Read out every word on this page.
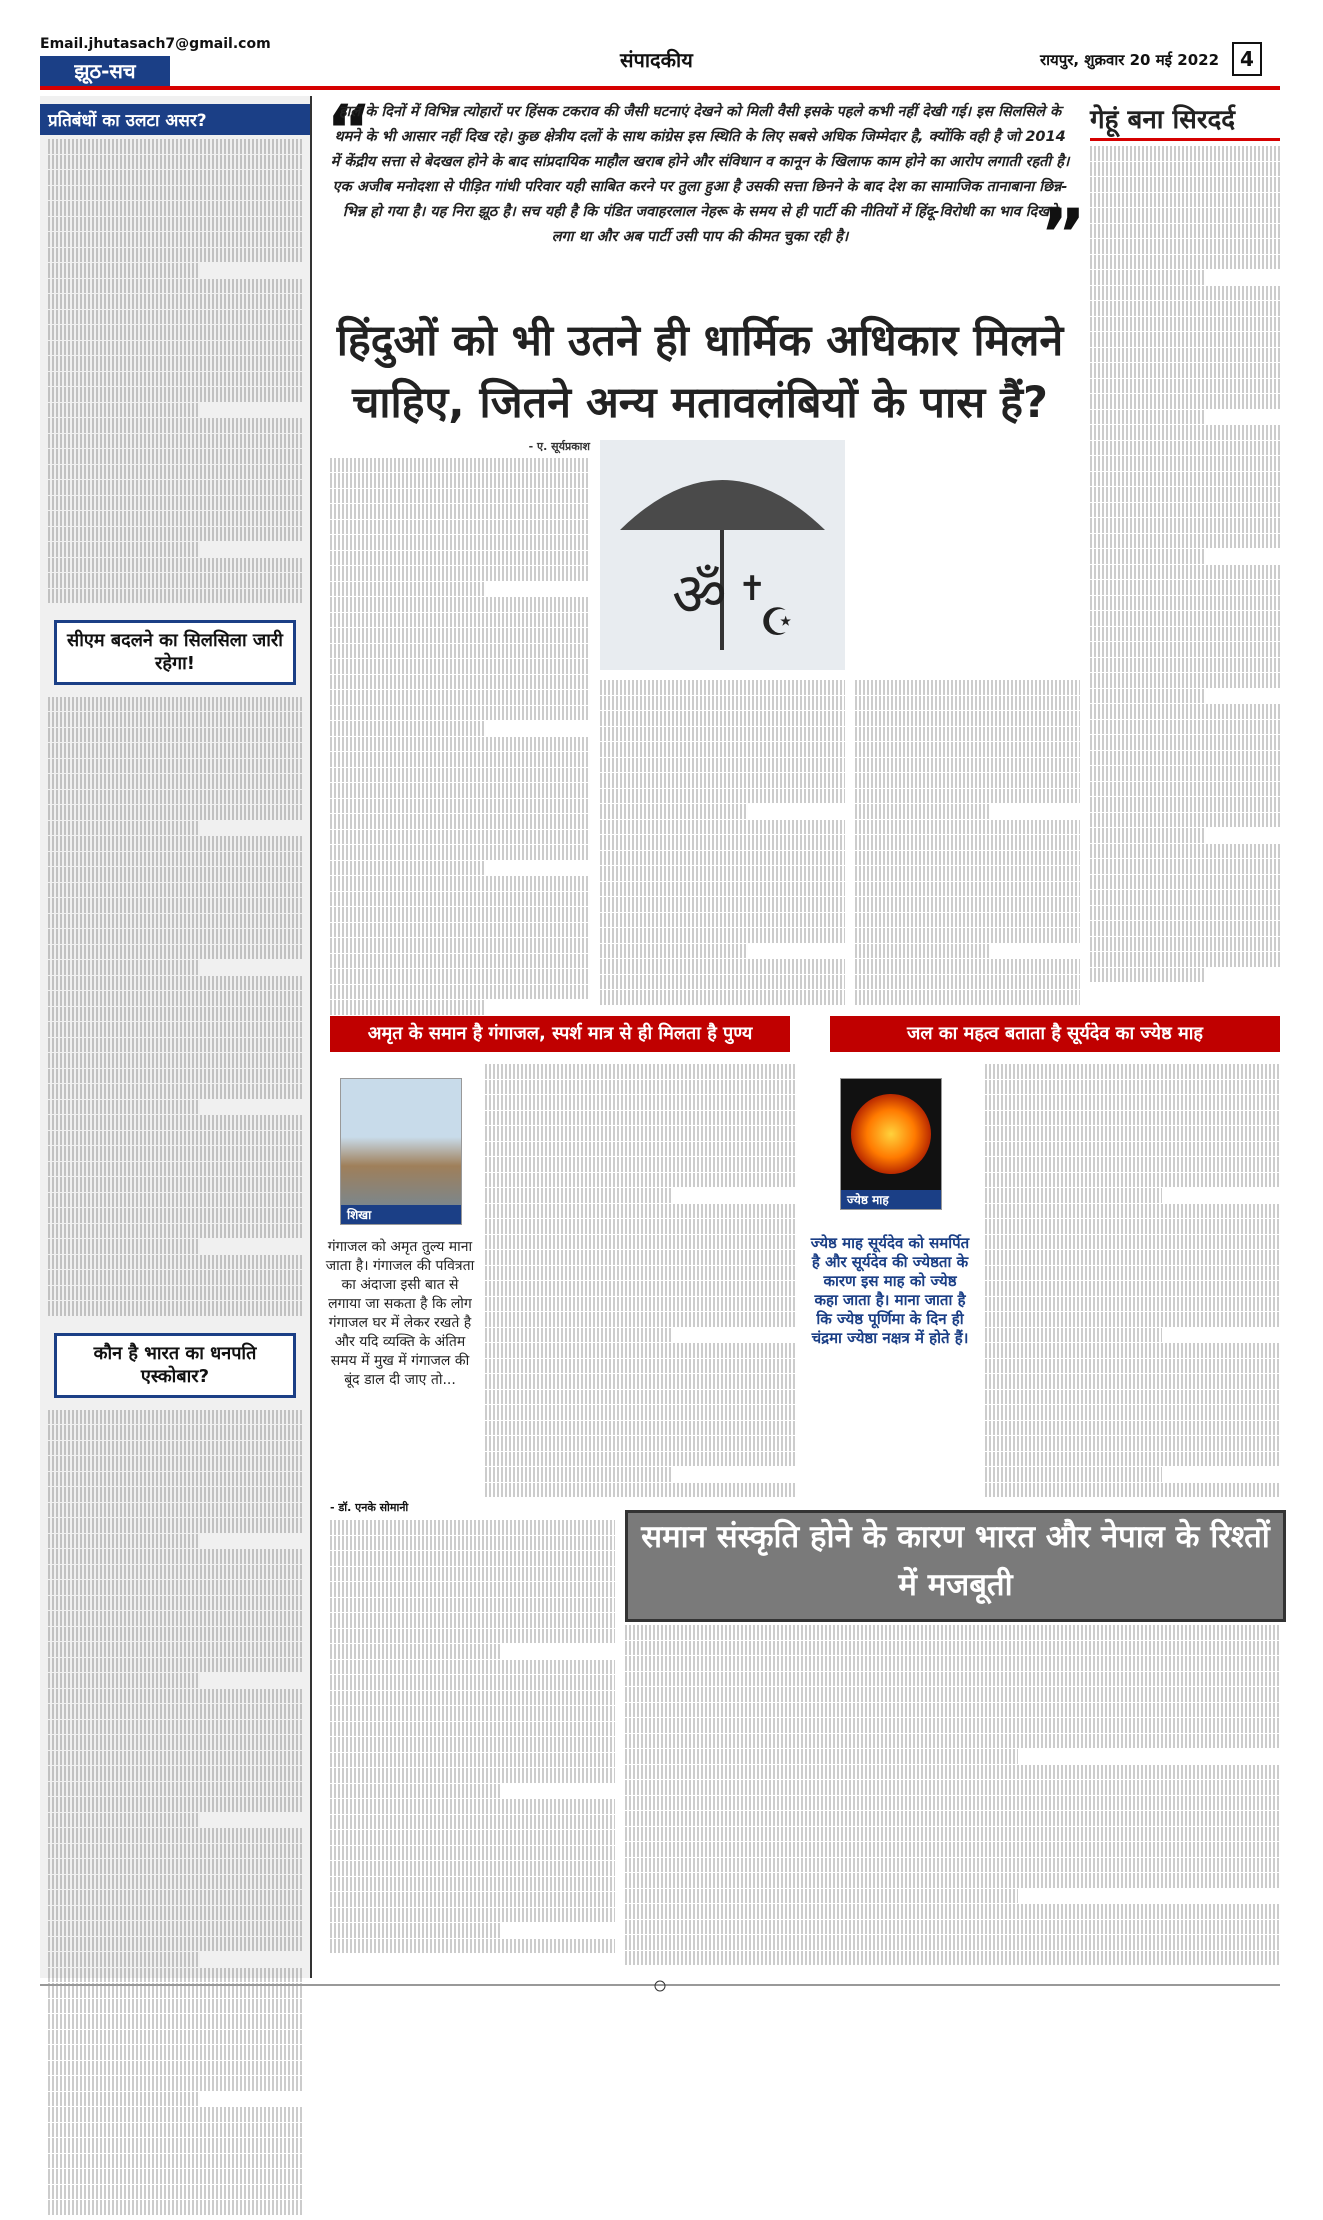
Email.jhutasach7@gmail.com
झूठ-सच	संपादकीय	रायपुर, शुक्रवार 20 मई 2022	4
प्रतिबंधों का उलटा असर?
सीएम बदलने का सिलसिला जारी रहेगा!
कौन है भारत का धनपति एस्कोबार?
“
हाल के दिनों में विभिन्न त्योहारों पर हिंसक टकराव की जैसी घटनाएं देखने को मिली वैसी इसके पहले कभी नहीं देखी गई। इस सिलसिले के थमने के भी आसार नहीं दिख रहे। कुछ क्षेत्रीय दलों के साथ कांग्रेस इस स्थिति के लिए सबसे अधिक जिम्मेदार है, क्योंकि वही है जो 2014 में केंद्रीय सत्ता से बेदखल होने के बाद सांप्रदायिक माहौल खराब होने और संविधान व कानून के खिलाफ काम होने का आरोप लगाती रहती है। एक अजीब मनोदशा से पीड़ित गांधी परिवार यही साबित करने पर तुला हुआ है उसकी सत्ता छिनने के बाद देश का सामाजिक तानाबाना छिन्न-भिन्न हो गया है। यह निरा झूठ है। सच यही है कि पंडित जवाहरलाल नेहरू के समय से ही पार्टी की नीतियों में हिंदू-विरोधी का भाव दिखने लगा था और अब पार्टी उसी पाप की कीमत चुका रही है।	”
हिंदुओं को भी उतने ही धार्मिक अधिकार मिलने चाहिए, जितने अन्य मतावलंबियों के पास हैं?
- ए. सूर्यप्रकाश
ॐ ✝
☪
गेहूं बना सिरदर्द
अमृत के समान है गंगाजल, स्पर्श मात्र से ही मिलता है पुण्य
शिखा
गंगाजल को अमृत तुल्य माना जाता है। गंगाजल की पवित्रता का अंदाजा इसी बात से लगाया जा सकता है कि लोग गंगाजल घर में लेकर रखते है और यदि व्यक्ति के अंतिम समय में मुख में गंगाजल की बूंद डाल दी जाए तो...
जल का महत्व बताता है सूर्यदेव का ज्येष्ठ माह
ज्येष्ठ माह
ज्येष्ठ माह सूर्यदेव को समर्पित है और सूर्यदेव की ज्येष्ठता के कारण इस माह को ज्येष्ठ कहा जाता है। माना जाता है कि ज्येष्ठ पूर्णिमा के दिन ही चंद्रमा ज्येष्ठा नक्षत्र में होते हैं।
- डॉ. एनके सोमानी
समान संस्कृति होने के कारण भारत और नेपाल के रिश्तों में मजबूती
